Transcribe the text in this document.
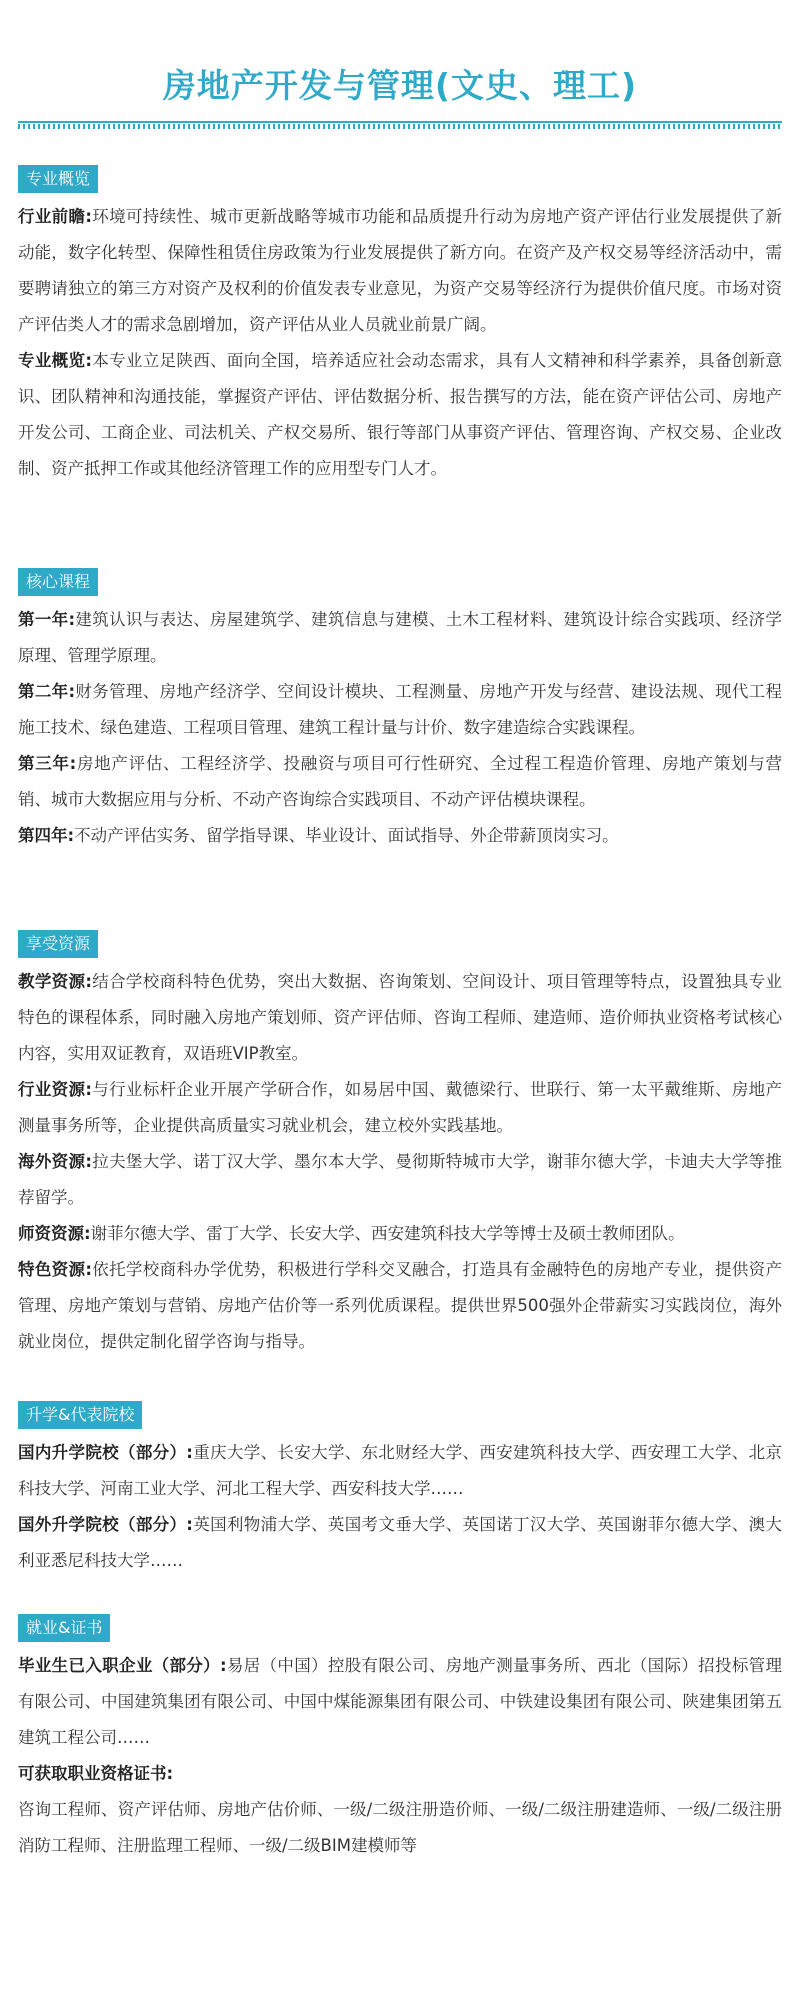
房地产开发与管理(文史、理工)
专业概览

行业前瞻:环境可持续性、城市更新战略等城市功能和品质提升行动为房地产资产评估行业发展提供了新动能，数字化转型、保障性租赁住房政策为行业发展提供了新方向。在资产及产权交易等经济活动中，需要聘请独立的第三方对资产及权利的价值发表专业意见，为资产交易等经济行为提供价值尺度。市场对资产评估类人才的需求急剧增加，资产评估从业人员就业前景广阔。

专业概览:本专业立足陕西、面向全国，培养适应社会动态需求，具有人文精神和科学素养，具备创新意识、团队精神和沟通技能，掌握资产评估、评估数据分析、报告撰写的方法，能在资产评估公司、房地产开发公司、工商企业、司法机关、产权交易所、银行等部门从事资产评估、管理咨询、产权交易、企业改制、资产抵押工作或其他经济管理工作的应用型专门人才。

核心课程

第一年:建筑认识与表达、房屋建筑学、建筑信息与建模、土木工程材料、建筑设计综合实践项、经济学原理、管理学原理。

第二年:财务管理、房地产经济学、空间设计模块、工程测量、房地产开发与经营、建设法规、现代工程施工技术、绿色建造、工程项目管理、建筑工程计量与计价、数字建造综合实践课程。

第三年:房地产评估、工程经济学、投融资与项目可行性研究、全过程工程造价管理、房地产策划与营销、城市大数据应用与分析、不动产咨询综合实践项目、不动产评估模块课程。

第四年:不动产评估实务、留学指导课、毕业设计、面试指导、外企带薪顶岗实习。

享受资源

教学资源:结合学校商科特色优势，突出大数据、咨询策划、空间设计、项目管理等特点，设置独具专业特色的课程体系，同时融入房地产策划师、资产评估师、咨询工程师、建造师、造价师执业资格考试核心内容，实用双证教育，双语班VIP教室。

行业资源:与行业标杆企业开展产学研合作，如易居中国、戴德梁行、世联行、第一太平戴维斯、房地产测量事务所等，企业提供高质量实习就业机会，建立校外实践基地。

海外资源:拉夫堡大学、诺丁汉大学、墨尔本大学、曼彻斯特城市大学，谢菲尔德大学，卡迪夫大学等推荐留学。

师资资源:谢菲尔德大学、雷丁大学、长安大学、西安建筑科技大学等博士及硕士教师团队。

特色资源:依托学校商科办学优势，积极进行学科交叉融合，打造具有金融特色的房地产专业，提供资产管理、房地产策划与营销、房地产估价等一系列优质课程。提供世界500强外企带薪实习实践岗位，海外就业岗位，提供定制化留学咨询与指导。

升学&代表院校

国内升学院校（部分）:重庆大学、长安大学、东北财经大学、西安建筑科技大学、西安理工大学、北京科技大学、河南工业大学、河北工程大学、西安科技大学……

国外升学院校（部分）:英国利物浦大学、英国考文垂大学、英国诺丁汉大学、英国谢菲尔德大学、澳大利亚悉尼科技大学……

就业&证书

毕业生已入职企业（部分）:易居（中国）控股有限公司、房地产测量事务所、西北（国际）招投标管理有限公司、中国建筑集团有限公司、中国中煤能源集团有限公司、中铁建设集团有限公司、陕建集团第五建筑工程公司……

可获取职业资格证书:

咨询工程师、资产评估师、房地产估价师、一级/二级注册造价师、一级/二级注册建造师、一级/二级注册消防工程师、注册监理工程师、一级/二级BIM建模师等
